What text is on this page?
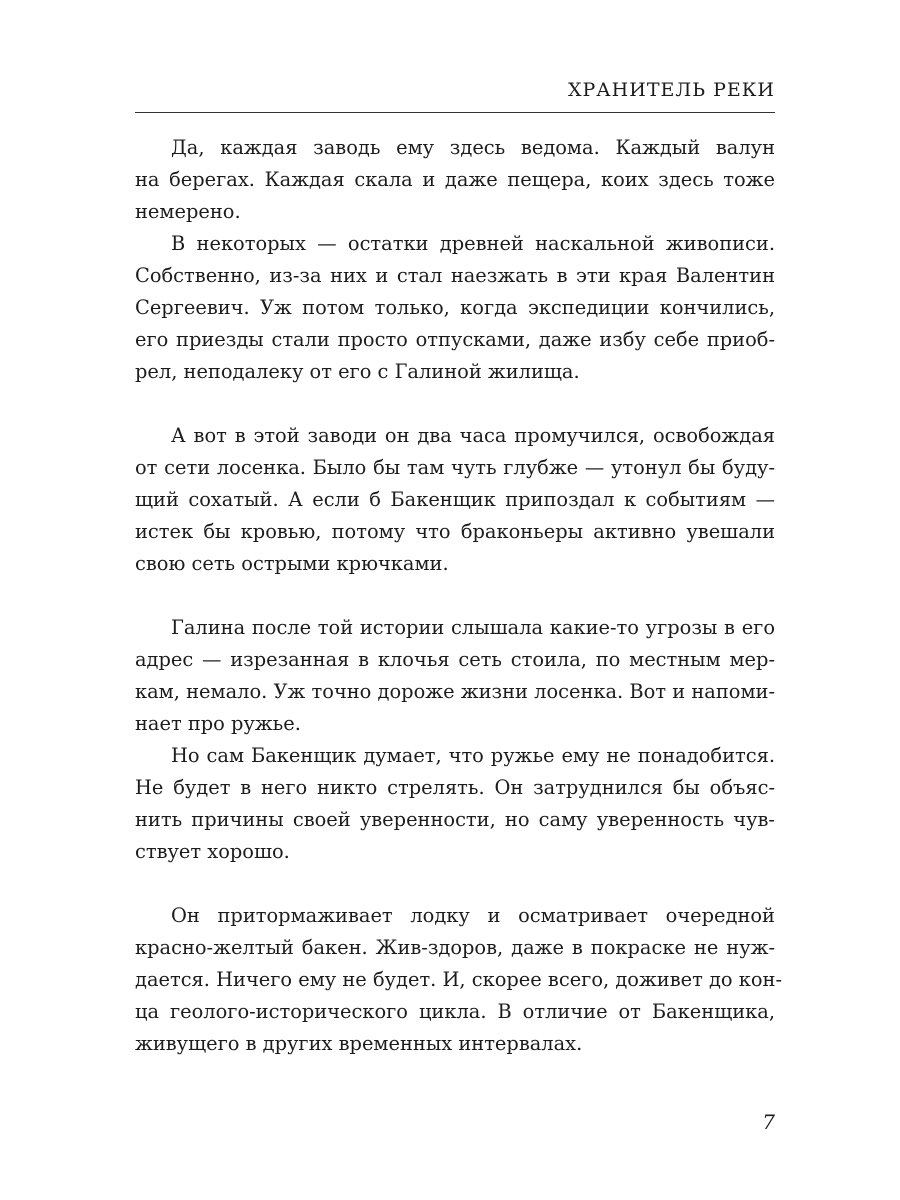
ХРАНИТЕЛЬ РЕКИ
Да, каждая заводь ему здесь ведома. Каждый валун
на берегах. Каждая скала и даже пещера, коих здесь тоже
немерено.
В некоторых — остатки древней наскальной живописи.
Собственно, из-за них и стал наезжать в эти края Валентин
Сергеевич. Уж потом только, когда экспедиции кончились,
его приезды стали просто отпусками, даже избу себе приоб-
рел, неподалеку от его с Галиной жилища.
А вот в этой заводи он два часа промучился, освобождая
от сети лосенка. Было бы там чуть глубже — утонул бы буду-
щий сохатый. А если б Бакенщик припоздал к событиям —
истек бы кровью, потому что браконьеры активно увешали
свою сеть острыми крючками.
Галина после той истории слышала какие-то угрозы в его
адрес — изрезанная в клочья сеть стоила, по местным мер-
кам, немало. Уж точно дороже жизни лосенка. Вот и напоми-
нает про ружье.
Но сам Бакенщик думает, что ружье ему не понадобится.
Не будет в него никто стрелять. Он затруднился бы объяс-
нить причины своей уверенности, но саму уверенность чув-
ствует хорошо.
Он притормаживает лодку и осматривает очередной
красно-желтый бакен. Жив-здоров, даже в покраске не нуж-
дается. Ничего ему не будет. И, скорее всего, доживет до кон-
ца геолого-исторического цикла. В отличие от Бакенщика,
живущего в других временных интервалах.
7
